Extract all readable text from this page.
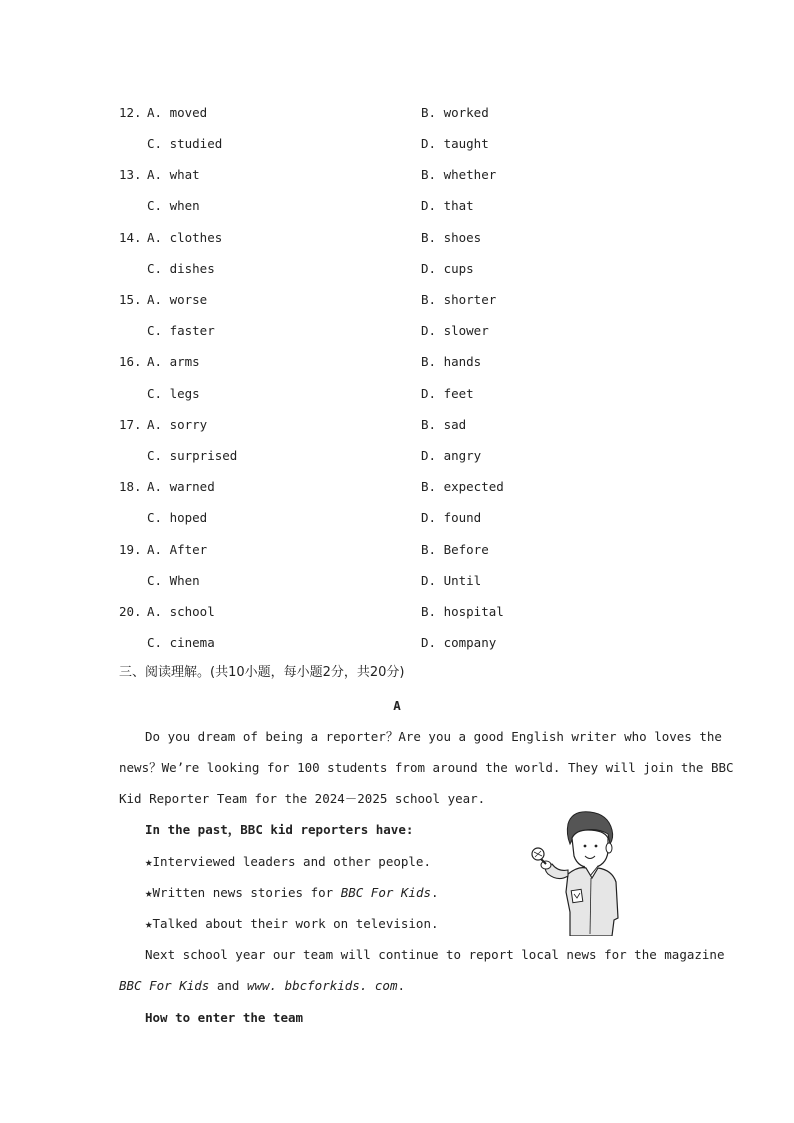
12. A. moved	B. worked
C. studied	D. taught
13. A. what	B. whether
C. when	D. that
14. A. clothes	B. shoes
C. dishes	D. cups
15. A. worse	B. shorter
C. faster	D. slower
16. A. arms	B. hands
C. legs	D. feet
17. A. sorry	B. sad
C. surprised	D. angry
18. A. warned	B. expected
C. hoped	D. found
19. A. After	B. Before
C. When	D. Until
20. A. school	B. hospital
C. cinema	D. company
三、阅读理解。(共10小题，每小题2分，共20分)
A
Do you dream of being a reporter？Are you a good English writer who loves the
news？We’re looking for 100 students from around the world. They will join the BBC
Kid Reporter Team for the 2024－2025 school year.
In the past，BBC kid reporters have:
★Interviewed leaders and other people.
★Written news stories for BBC For Kids.
★Talked about their work on television.
Next school year our team will continue to report local news for the magazine
BBC For Kids and www. bbcforkids. com.
How to enter the team
